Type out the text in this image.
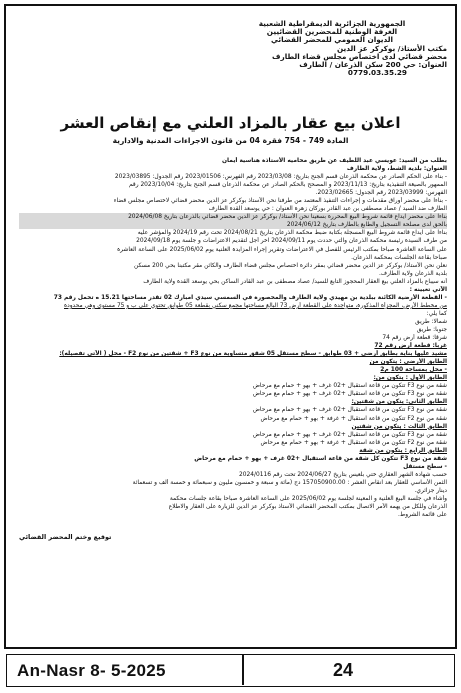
الجمهورية الجزائرية الديمقراطية الشعبية
الغرفة الوطنية للمحضرين القضائيين
الديوان العمومي للمحضر القضائي
مكتب الأستاذ/ بوكركر عز الدين
محضر قضائي لدى اختصاص مجلس قضاء الطارف
العنوان: حي 200 سكن الذرعان / الطارف
0779.03.35.29
اعلان بيع عقار بالمزاد العلني مع إنقاص العشر
المادة 749 - 754 فقرة 04 من قانون الاجراءات المدنية والادارية
بطلب من السيد: عويسي عبد اللطيف عن طريق محاميه الأستاذة هناسية أيمان
العنوان: بلدية الشط، ولاية الطارف
- بناء على الحكم الصادر عن محكمة الذرعان قسم الجنح بتاريخ: 2023/03/08 رقم الفهرس: 2023/01506 رقم الجدول: 2023/03895
الممهور بالصيغة التنفيذية بتاريخ: 2023/11/13 و المصحح بالحكم الصادر عن محكمة الذرعان قسم الجنح بتاريخ: 2023/10/04 رقم
الفهرس: 2023/03999 رقم الجدول: 2023/02665.
- بناءا على محضر أوراق مقدمات و إجراءات التنفيذ المعتمد من طرفنا نحن الأستاذ بوكركر عز الدين محضر قضائي لاختصاص مجلس قضاء
الطارف ضد السيد / عصاد مصطفى بن عبد القادر بوركان زهرة العنوان : حي يوسعد القدة الطارف
بناءا على محضر ايداع قائمة شروط البيع المحررة بسعينا نحن الأستاذ/ بوكركر عز الدين محضر قضائي بالذرعان بتاريخ 2024/06/08
بالحق لدى مصلحة التسجيل والطابع بالطارف بتاريخ 2024/06/12
بناءا على ايداع قائمة شروط البيع المسجلة بكتابة ضبط محكمة الذرعان بتاريخ 2024/08/21 تحت رقم 2024/19 والمؤشر عليه
من طرف السيدة رئيسة محكمة الذرعان والتي حددت يوم 2024/09/11 آخر أجل لتقديم الاعتراضات و جلسة يوم 2024/09/18
على الساعة العاشرة صباحا بمكتب الرئيس للفصل في الاعتراضات وتقرير إجراء المزايدة العلنية يوم 2025/06/02 على الساعة العاشرة
صباحا بقاعة الجلسات بمحكمة الذرعان.
نعلن نحن الأستاذ/ بوكركر عز الدين محضر قضائي بمقر دائرة اختصاص مجلس قضاء الطارف والكائن مقر مكتبنا بحي 200 مسكن
بلدية الذرعان ولاية الطارف.
أنه سيباع بالمزاد العلني بيع العقار المحجوز التابع للسيد/ عصاد مصطفى بن عبد القادر الساكن بحي يوسعد القدة ولاية الطارف
الآتي تعيينه :
- القطعة الأرضية الكائنة ببلدية بن مهيدي ولاية الطارف والمحصورة في السمسي سيدي امبارك 02 تقدر مساحتها 15.21 ه تحمل رقم 73
من مخطط الأرض، المجزأة المذكورة، متواجدة على القطعة أرض 73 البالغ مساحتها مجمع سكني بقطعة 05 طوابق تحتوي على ب و 75 مستوى وهي محدودة
كما يلي:
شمالا: طريق
جنوبا: طريق
شرقا: قطعة أرض رقم 74
غربا: قطعة أرض رقم 72
مشيد عليها بناية بطابق أرضي + 03 طوابق - سطح مستقل 05 شقق متساوية من نوع F3 + شقتين من نوع F2 - محل ( الآتي تفصيله):
الطابق الأرضي : يتكون من
- محل بمساحة 100 م2
الطابق الأول : يتكون من:
شقة من نوع F3 تتكون من قاعة استقبال +02 غرف + بهو + حمام مع مرحاض
شقة من نوع F3 تتكون من قاعة استقبال +02 غرف + بهو + حمام مع مرحاض
الطابق الثاني: يتكون من شقتين:
شقة من نوع F3 تتكون من قاعة استقبال +02 غرف + بهو + حمام مع مرحاض
شقة من نوع F2 تتكون من قاعة استقبال + غرفة + بهو + حمام مع مرحاض
الطابق الثالث : يتكون من شقتين
شقة من نوع F3 تتكون من قاعة استقبال +02 غرف + بهو + حمام مع مرحاض
شقة من نوع F2 تتكون من قاعة استقبال + غرفة + بهو + حمام مع مرحاض
الطابق الرابع : يتكون من شقة
شقة من نوع F3 تتكون كل شقة من قاعة استقبال +02 غرف + بهو + حمام مع مرحاض
- سطح مستقل
حسب شهادة الشهر العقاري ختي بلعيس بتاريخ 2024/06/27 تحت رقم 2024/0116
الثمن الأساسي للعقار بعد انقاص العشر : 157050900.00 دج (مائة و سبعة و خمسون مليون و سبعمائة و خمسة ألف و تسعمائة
دينار جزائري.
وأشاء في جلسة البيع العلنية و المعينة لجلسة يوم 2025/06/02 على الساعة العاشرة صباحا بقاعة جلسات محكمة
الذرعان وللكل من يهمه الأمر الاتصال بمكتب المحضر القضائي الأستاذ بوكركر عز الدين للزيارة على العقار والاطلاع
على قائمة الشروط.
توقيع وختم المحضر القضائي
An-Nasr 8- 5-2025	24
